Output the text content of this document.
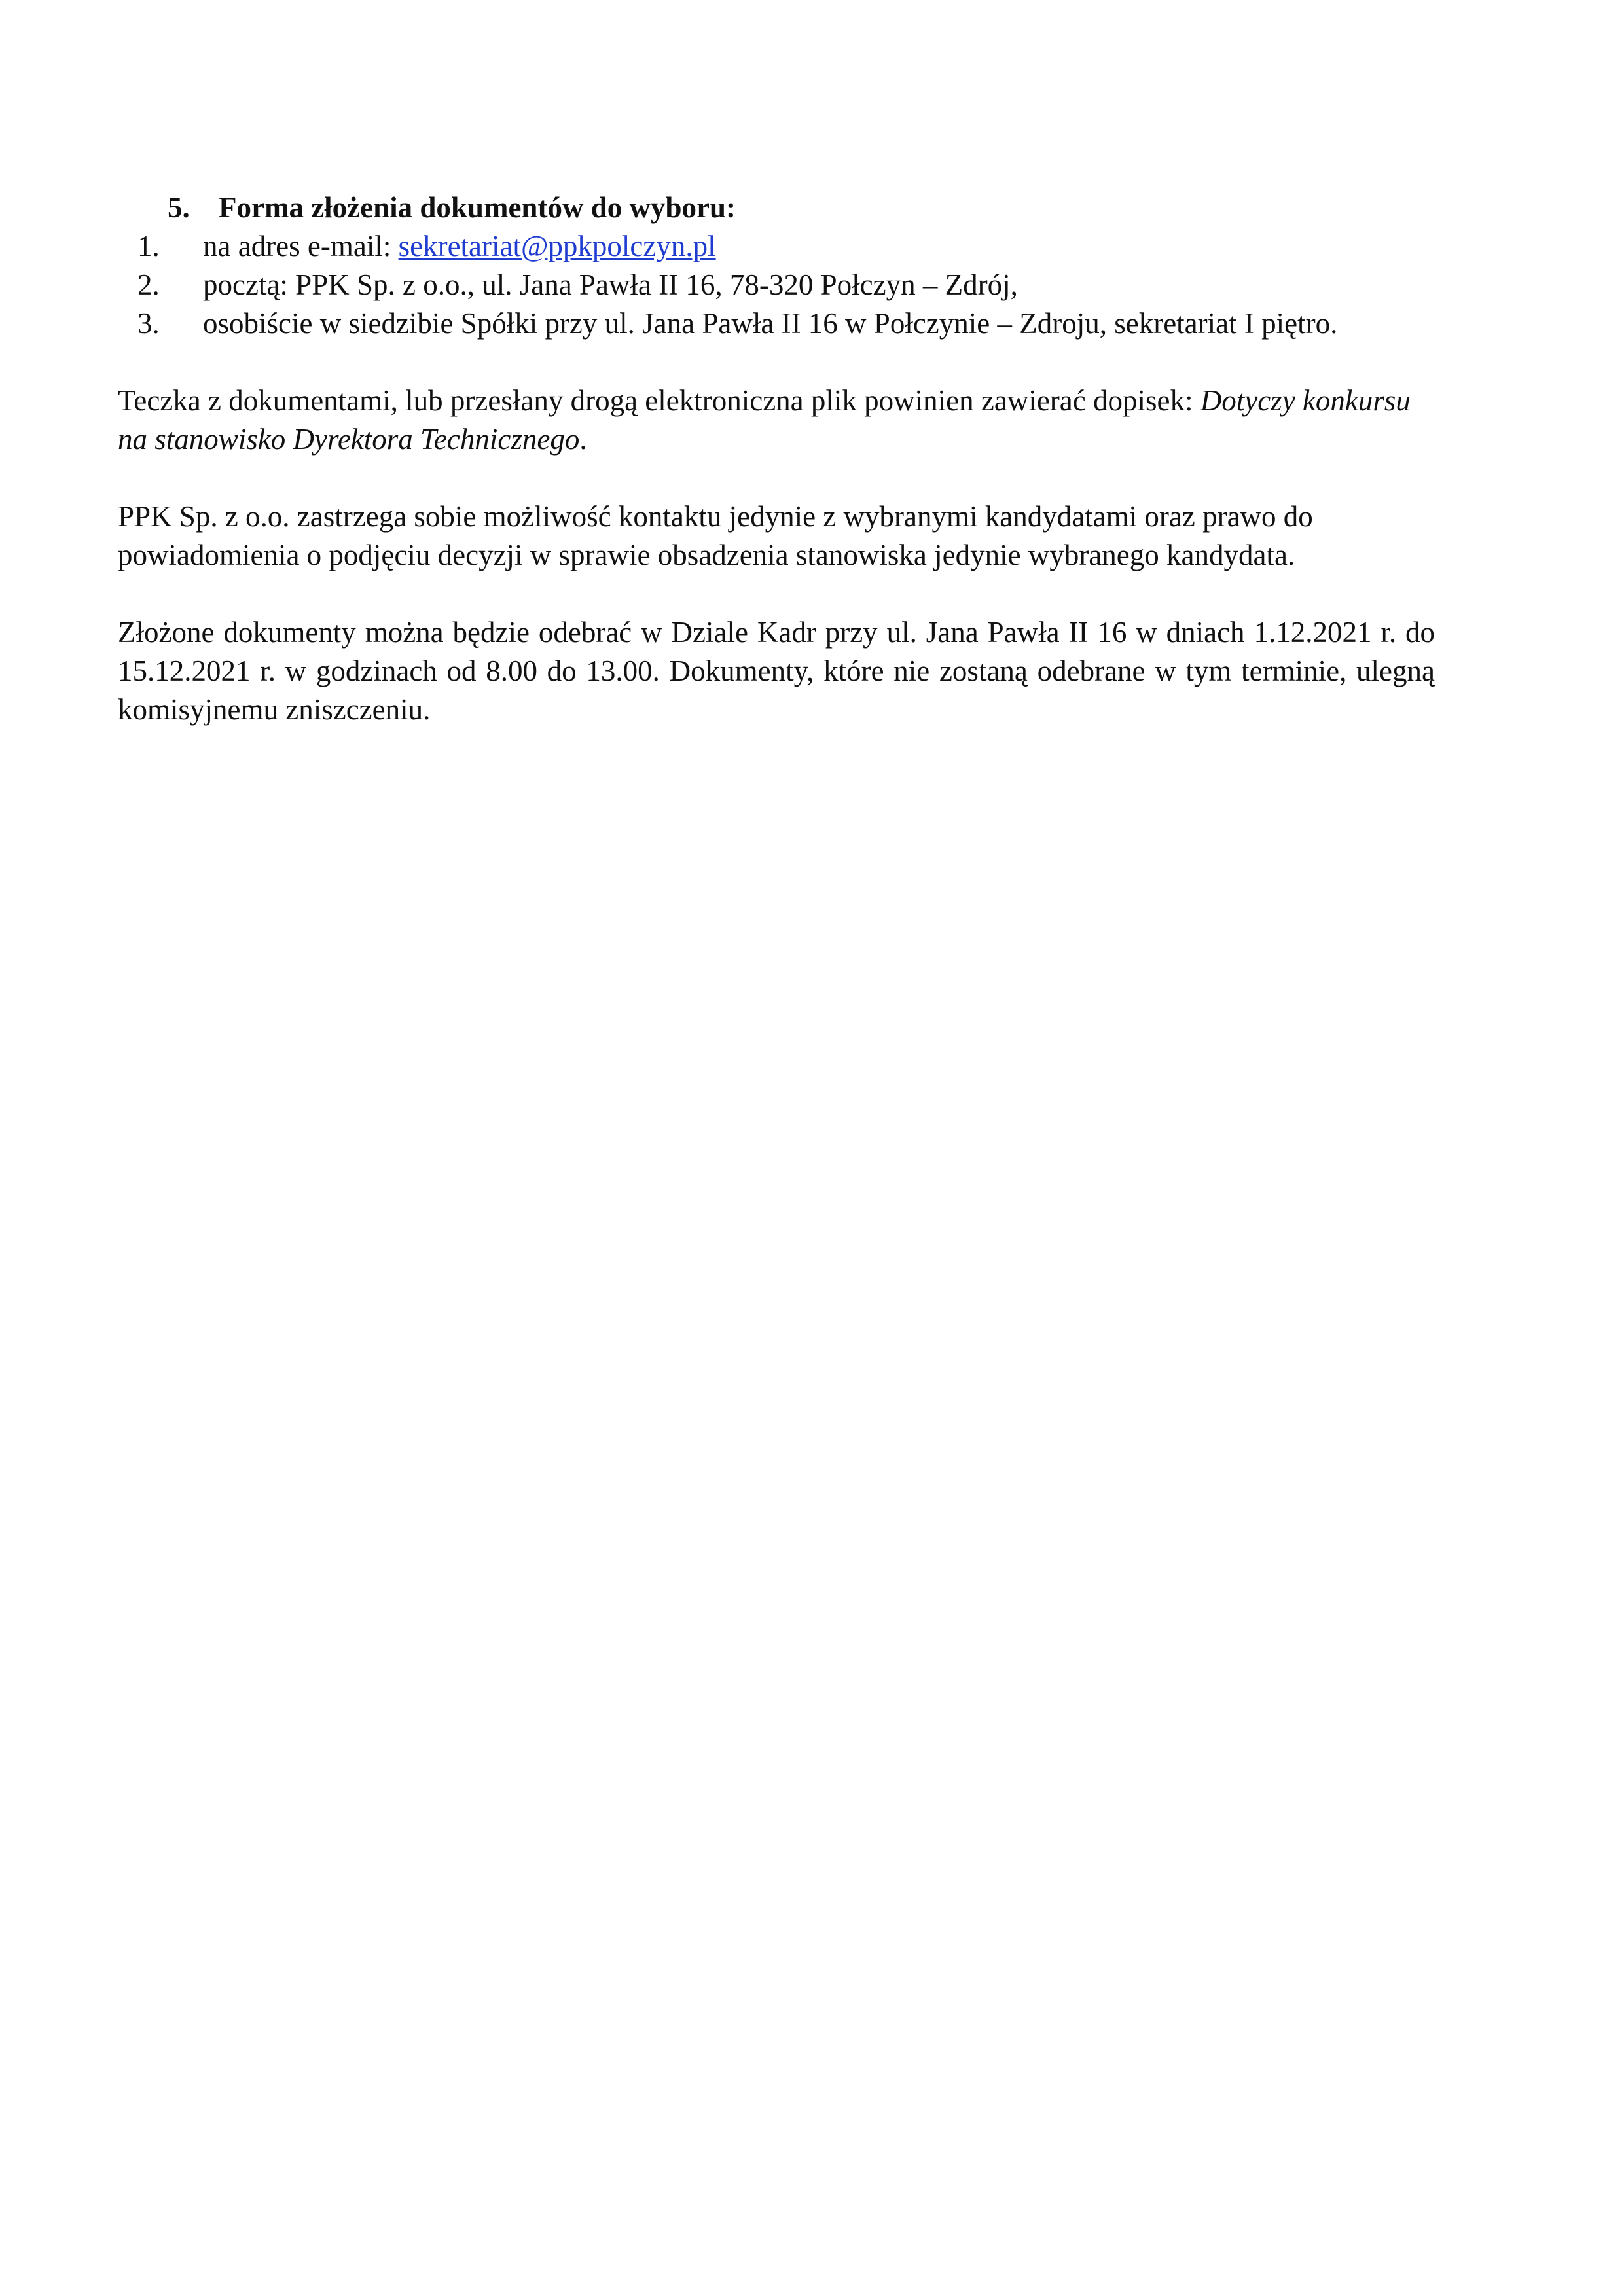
5. Forma złożenia dokumentów do wyboru:
1.	na adres e-mail: sekretariat@ppkpolczyn.pl
2.	pocztą: PPK Sp. z o.o., ul. Jana Pawła II 16, 78-320 Połczyn – Zdrój,
3.	osobiście w siedzibie Spółki przy ul. Jana Pawła II 16 w Połczynie – Zdroju, sekretariat I piętro.

Teczka z dokumentami, lub przesłany drogą elektroniczna plik powinien zawierać dopisek: Dotyczy konkursu na stanowisko Dyrektora Technicznego.

PPK Sp. z o.o. zastrzega sobie możliwość kontaktu jedynie z wybranymi kandydatami oraz prawo do powiadomienia o podjęciu decyzji w sprawie obsadzenia stanowiska jedynie wybranego kandydata.

Złożone dokumenty można będzie odebrać w Dziale Kadr przy ul. Jana Pawła II 16 w dniach 1.12.2021 r. do 15.12.2021 r. w godzinach od 8.00 do 13.00. Dokumenty, które nie zostaną odebrane w tym terminie, ulegną komisyjnemu zniszczeniu.
